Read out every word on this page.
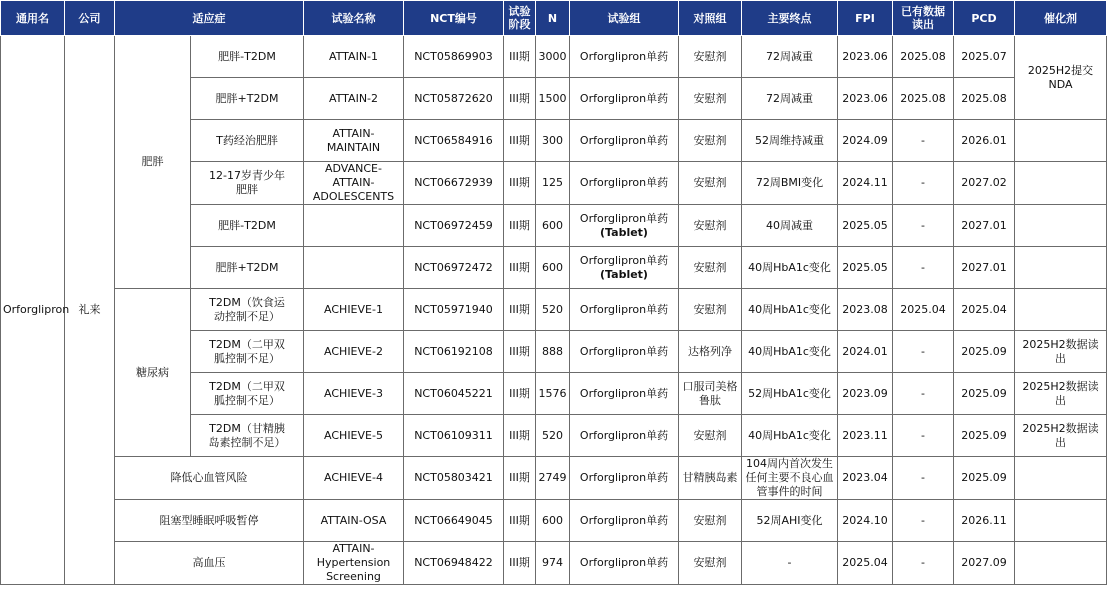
通用名	公司	适应症		试验名称	NCT编号	试验
阶段	N	试验组	对照组	主要终点	FPI	已有数据
读出	PCD	催化剂
Orforglipron	礼来	肥胖	肥胖-T2DM	ATTAIN-1	NCT05869903	III期	3000	Orforglipron单药	安慰剂	72周减重	2023.06	2025.08	2025.07	2025H2提交
NDA
			肥胖+T2DM	ATTAIN-2	NCT05872620	III期	1500	Orforglipron单药	安慰剂	72周减重	2023.06	2025.08	2025.08	
			T药经治肥胖	ATTAIN-
MAINTAIN	NCT06584916	III期	300	Orforglipron单药	安慰剂	52周维持减重	2024.09	-	2026.01	
			12-17岁青少年
肥胖	ADVANCE-
ATTAIN-
ADOLESCENTS	NCT06672939	III期	125	Orforglipron单药	安慰剂	72周BMI变化	2024.11	-	2027.02	
			肥胖-T2DM		NCT06972459	III期	600	Orforglipron单药
(Tablet)	安慰剂	40周减重	2025.05	-	2027.01	
			肥胖+T2DM		NCT06972472	III期	600	Orforglipron单药
(Tablet)	安慰剂	40周HbA1c变化	2025.05	-	2027.01	
		糖尿病	T2DM（饮食运
动控制不足）	ACHIEVE-1	NCT05971940	III期	520	Orforglipron单药	安慰剂	40周HbA1c变化	2023.08	2025.04	2025.04	
			T2DM（二甲双
胍控制不足）	ACHIEVE-2	NCT06192108	III期	888	Orforglipron单药	达格列净	40周HbA1c变化	2024.01	-	2025.09	2025H2数据读出
			T2DM（二甲双
胍控制不足）	ACHIEVE-3	NCT06045221	III期	1576	Orforglipron单药	口服司美格
鲁肽	52周HbA1c变化	2023.09	-	2025.09	2025H2数据读出
			T2DM（甘精胰
岛素控制不足）	ACHIEVE-5	NCT06109311	III期	520	Orforglipron单药	安慰剂	40周HbA1c变化	2023.11	-	2025.09	2025H2数据读出
		降低心血管风险		ACHIEVE-4	NCT05803421	III期	2749	Orforglipron单药	甘精胰岛素	104周内首次发生
任何主要不良心血
管事件的时间	2023.04	-	2025.09	
		阻塞型睡眠呼吸暂停		ATTAIN-OSA	NCT06649045	III期	600	Orforglipron单药	安慰剂	52周AHI变化	2024.10	-	2026.11	
		高血压		ATTAIN-
Hypertension
Screening	NCT06948422	III期	974	Orforglipron单药	安慰剂	-	2025.04	-	2027.09	
